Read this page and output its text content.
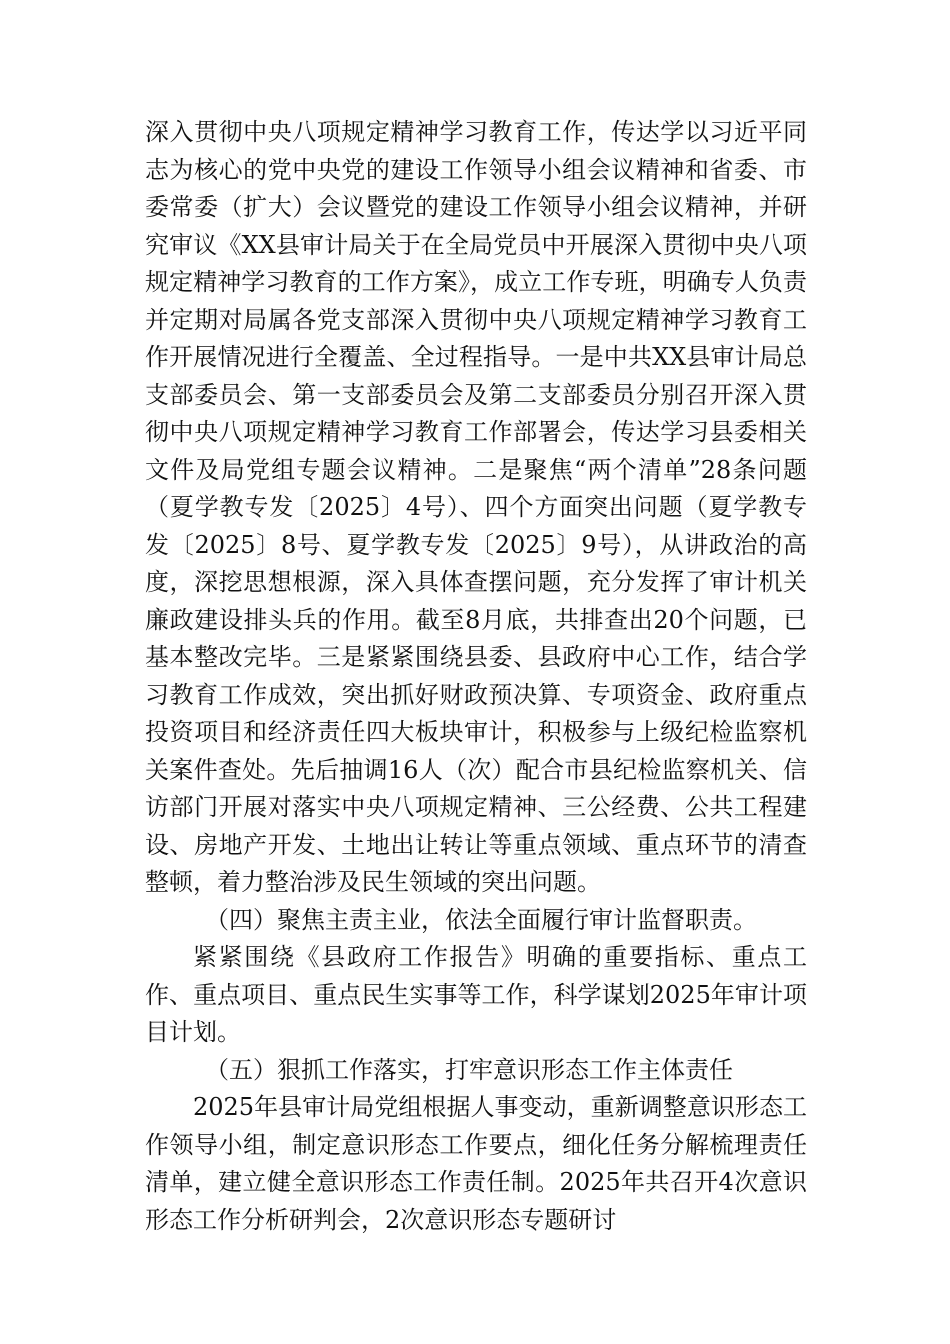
深入贯彻中央八项规定精神学习教育工作，传达学以习近平同志为核心的党中央党的建设工作领导小组会议精神和省委、市委常委（扩大）会议暨党的建设工作领导小组会议精神，并研究审议《XX县审计局关于在全局党员中开展深入贯彻中央八项规定精神学习教育的工作方案》，成立工作专班，明确专人负责并定期对局属各党支部深入贯彻中央八项规定精神学习教育工作开展情况进行全覆盖、全过程指导。一是中共XX县审计局总支部委员会、第一支部委员会及第二支部委员分别召开深入贯彻中央八项规定精神学习教育工作部署会，传达学习县委相关文件及局党组专题会议精神。二是聚焦“两个清单”28条问题（夏学教专发〔2025〕4号）、四个方面突出问题（夏学教专发〔2025〕8号、夏学教专发〔2025〕9号），从讲政治的高度，深挖思想根源，深入具体查摆问题，充分发挥了审计机关廉政建设排头兵的作用。截至8月底，共排查出20个问题，已基本整改完毕。三是紧紧围绕县委、县政府中心工作，结合学习教育工作成效，突出抓好财政预决算、专项资金、政府重点投资项目和经济责任四大板块审计，积极参与上级纪检监察机关案件查处。先后抽调16人（次）配合市县纪检监察机关、信访部门开展对落实中央八项规定精神、三公经费、公共工程建设、房地产开发、土地出让转让等重点领域、重点环节的清查整顿，着力整治涉及民生领域的突出问题。

（四）聚焦主责主业，依法全面履行审计监督职责。

紧紧围绕《县政府工作报告》明确的重要指标、重点工作、重点项目、重点民生实事等工作，科学谋划2025年审计项目计划。

（五）狠抓工作落实，打牢意识形态工作主体责任

2025年县审计局党组根据人事变动，重新调整意识形态工作领导小组，制定意识形态工作要点，细化任务分解梳理责任清单，建立健全意识形态工作责任制。2025年共召开4次意识形态工作分析研判会，2次意识形态专题研讨
